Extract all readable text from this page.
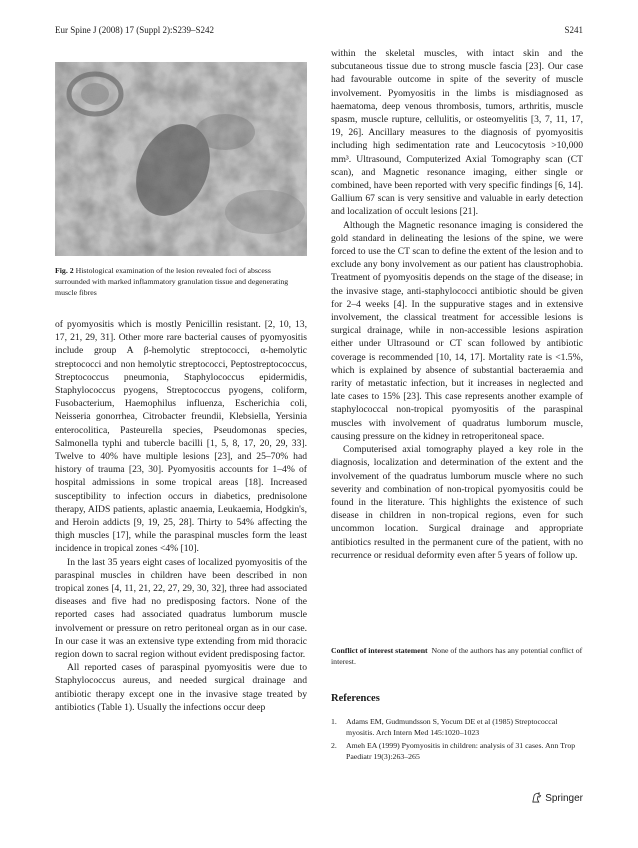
Eur Spine J (2008) 17 (Suppl 2):S239–S242	S241
Fig. 2 Histological examination of the lesion revealed foci of abscess surrounded with marked inflammatory granulation tissue and degenerating muscle fibres

of pyomyositis which is mostly Penicillin resistant. [2, 10, 13, 17, 21, 29, 31]. Other more rare bacterial causes of pyomyositis include group A β-hemolytic streptococci, α-hemolytic streptococci and non hemolytic streptococci, Peptostreptococcus, Streptococcus pneumonia, Staphylococcus epidermidis, Staphylococcus pyogens, Streptococcus pyogens, coliform, Fusobacterium, Haemophilus influenza, Escherichia coli, Neisseria gonorrhea, Citrobacter freundii, Klebsiella, Yersinia enterocolitica, Pasteurella species, Pseudomonas species, Salmonella typhi and tubercle bacilli [1, 5, 8, 17, 20, 29, 33]. Twelve to 40% have multiple lesions [23], and 25–70% had history of trauma [23, 30]. Pyomyositis accounts for 1–4% of hospital admissions in some tropical areas [18]. Increased susceptibility to infection occurs in diabetics, prednisolone therapy, AIDS patients, aplastic anaemia, Leukaemia, Hodgkin's, and Heroin addicts [9, 19, 25, 28]. Thirty to 54% affecting the thigh muscles [17], while the paraspinal muscles form the least incidence in tropical zones <4% [10].

In the last 35 years eight cases of localized pyomyositis of the paraspinal muscles in children have been described in non tropical zones [4, 11, 21, 22, 27, 29, 30, 32], three had associated diseases and five had no predisposing factors. None of the reported cases had associated quadratus lumborum muscle involvement or pressure on retro peritoneal organ as in our case. In our case it was an extensive type extending from mid thoracic region down to sacral region without evident predisposing factor.

All reported cases of paraspinal pyomyositis were due to Staphylococcus aureus, and needed surgical drainage and antibiotic therapy except one in the invasive stage treated by antibiotics (Table 1). Usually the infections occur deep

within the skeletal muscles, with intact skin and the subcutaneous tissue due to strong muscle fascia [23]. Our case had favourable outcome in spite of the severity of muscle involvement. Pyomyositis in the limbs is misdiagnosed as haematoma, deep venous thrombosis, tumors, arthritis, muscle spasm, muscle rupture, cellulitis, or osteomyelitis [3, 7, 11, 17, 19, 26]. Ancillary measures to the diagnosis of pyomyositis including high sedimentation rate and Leucocytosis >10,000 mm³. Ultrasound, Computerized Axial Tomography scan (CT scan), and Magnetic resonance imaging, either single or combined, have been reported with very specific findings [6, 14]. Gallium 67 scan is very sensitive and valuable in early detection and localization of occult lesions [21].

Although the Magnetic resonance imaging is considered the gold standard in delineating the lesions of the spine, we were forced to use the CT scan to define the extent of the lesion and to exclude any bony involvement as our patient has claustrophobia. Treatment of pyomyositis depends on the stage of the disease; in the invasive stage, anti-staphylococci antibiotic should be given for 2–4 weeks [4]. In the suppurative stages and in extensive involvement, the classical treatment for accessible lesions is surgical drainage, while in non-accessible lesions aspiration either under Ultrasound or CT scan followed by antibiotic coverage is recommended [10, 14, 17]. Mortality rate is <1.5%, which is explained by absence of substantial bacteraemia and rarity of metastatic infection, but it increases in neglected and late cases to 15% [23]. This case represents another example of staphylococcal non-tropical pyomyositis of the paraspinal muscles with involvement of quadratus lumborum muscle, causing pressure on the kidney in retroperitoneal space.

Computerised axial tomography played a key role in the diagnosis, localization and determination of the extent and the involvement of the quadratus lumborum muscle where no such severity and combination of non-tropical pyomyositis could be found in the literature. This highlights the existence of such disease in children in non-tropical regions, even for such uncommon location. Surgical drainage and appropriate antibiotics resulted in the permanent cure of the patient, with no recurrence or residual deformity even after 5 years of follow up.

Conflict of interest statement None of the authors has any potential conflict of interest.
References
1. Adams EM, Gudmundsson S, Yocum DE et al (1985) Streptococcal myositis. Arch Intern Med 145:1020–1023
2. Ameh EA (1999) Pyomyositis in children: analysis of 31 cases. Ann Trop Paediatr 19(3):263–265
Springer
